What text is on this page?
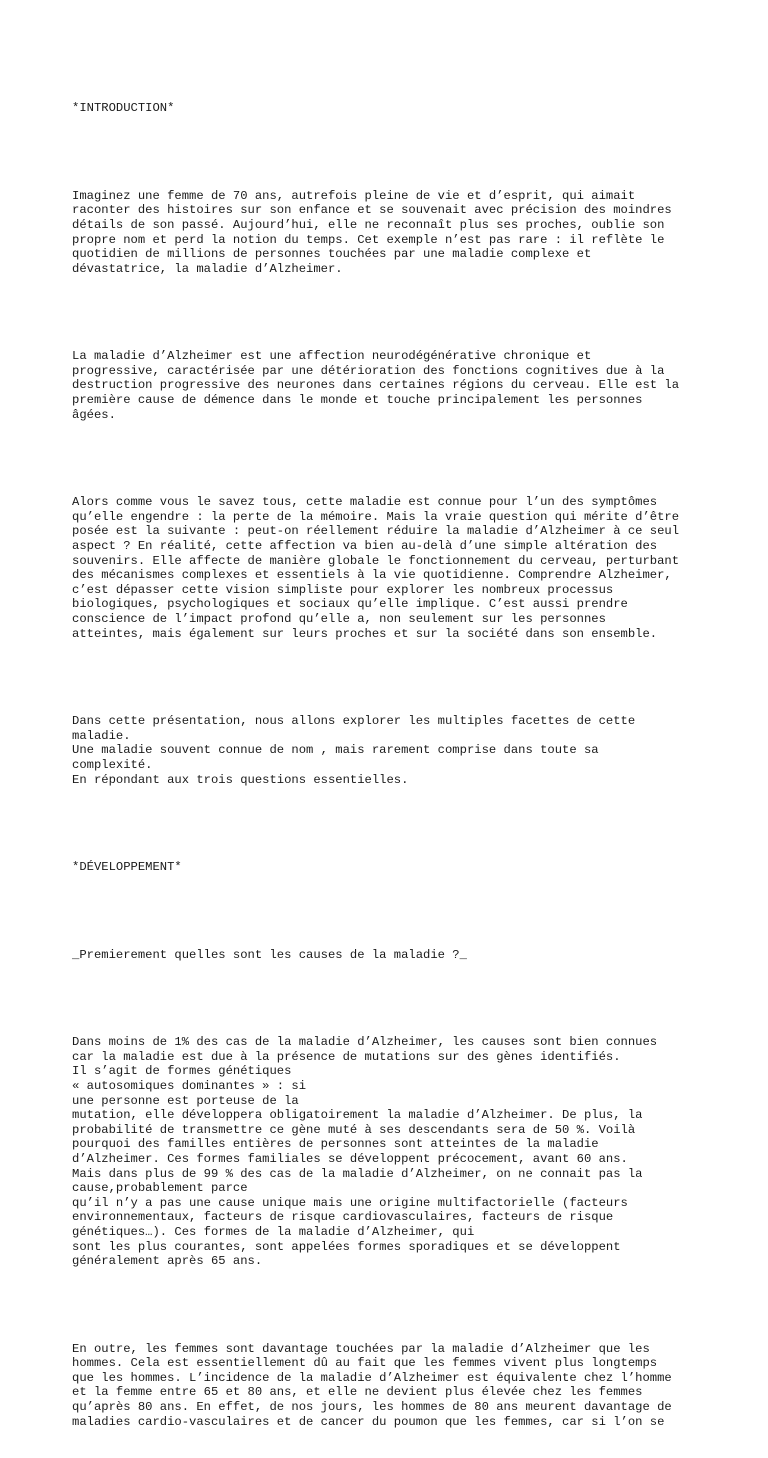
*INTRODUCTION*

Imaginez une femme de 70 ans, autrefois pleine de vie et d’esprit, qui aimait
raconter des histoires sur son enfance et se souvenait avec précision des moindres
détails de son passé. Aujourd’hui, elle ne reconnaît plus ses proches, oublie son
propre nom et perd la notion du temps. Cet exemple n’est pas rare : il reflète le
quotidien de millions de personnes touchées par une maladie complexe et
dévastatrice, la maladie d’Alzheimer.

La maladie d’Alzheimer est une affection neurodégénérative chronique et
progressive, caractérisée par une détérioration des fonctions cognitives due à la
destruction progressive des neurones dans certaines régions du cerveau. Elle est la
première cause de démence dans le monde et touche principalement les personnes
âgées.

Alors comme vous le savez tous, cette maladie est connue pour l’un des symptômes
qu’elle engendre : la perte de la mémoire. Mais la vraie question qui mérite d’être
posée est la suivante : peut-on réellement réduire la maladie d’Alzheimer à ce seul
aspect ? En réalité, cette affection va bien au-delà d’une simple altération des
souvenirs. Elle affecte de manière globale le fonctionnement du cerveau, perturbant
des mécanismes complexes et essentiels à la vie quotidienne. Comprendre Alzheimer,
c’est dépasser cette vision simpliste pour explorer les nombreux processus
biologiques, psychologiques et sociaux qu’elle implique. C’est aussi prendre
conscience de l’impact profond qu’elle a, non seulement sur les personnes
atteintes, mais également sur leurs proches et sur la société dans son ensemble.

Dans cette présentation, nous allons explorer les multiples facettes de cette
maladie.
Une maladie souvent connue de nom , mais rarement comprise dans toute sa
complexité.
En répondant aux trois questions essentielles.

*DÉVELOPPEMENT*

_Premierement quelles sont les causes de la maladie ?_

Dans moins de 1% des cas de la maladie d’Alzheimer, les causes sont bien connues
car la maladie est due à la présence de mutations sur des gènes identifiés.
Il s’agit de formes génétiques
« autosomiques dominantes » : si
une personne est porteuse de la
mutation, elle développera obligatoirement la maladie d’Alzheimer. De plus, la
probabilité de transmettre ce gène muté à ses descendants sera de 50 %. Voilà
pourquoi des familles entières de personnes sont atteintes de la maladie
d’Alzheimer. Ces formes familiales se développent précocement, avant 60 ans.
Mais dans plus de 99 % des cas de la maladie d’Alzheimer, on ne connait pas la
cause,probablement parce
qu’il n’y a pas une cause unique mais une origine multifactorielle (facteurs
environnementaux, facteurs de risque cardiovasculaires, facteurs de risque
génétiques…). Ces formes de la maladie d’Alzheimer, qui
sont les plus courantes, sont appelées formes sporadiques et se développent
généralement après 65 ans.

En outre, les femmes sont davantage touchées par la maladie d’Alzheimer que les
hommes. Cela est essentiellement dû au fait que les femmes vivent plus longtemps
que les hommes. L’incidence de la maladie d’Alzheimer est équivalente chez l’homme
et la femme entre 65 et 80 ans, et elle ne devient plus élevée chez les femmes
qu’après 80 ans. En effet, de nos jours, les hommes de 80 ans meurent davantage de
maladies cardio-vasculaires et de cancer du poumon que les femmes, car si l’on se
